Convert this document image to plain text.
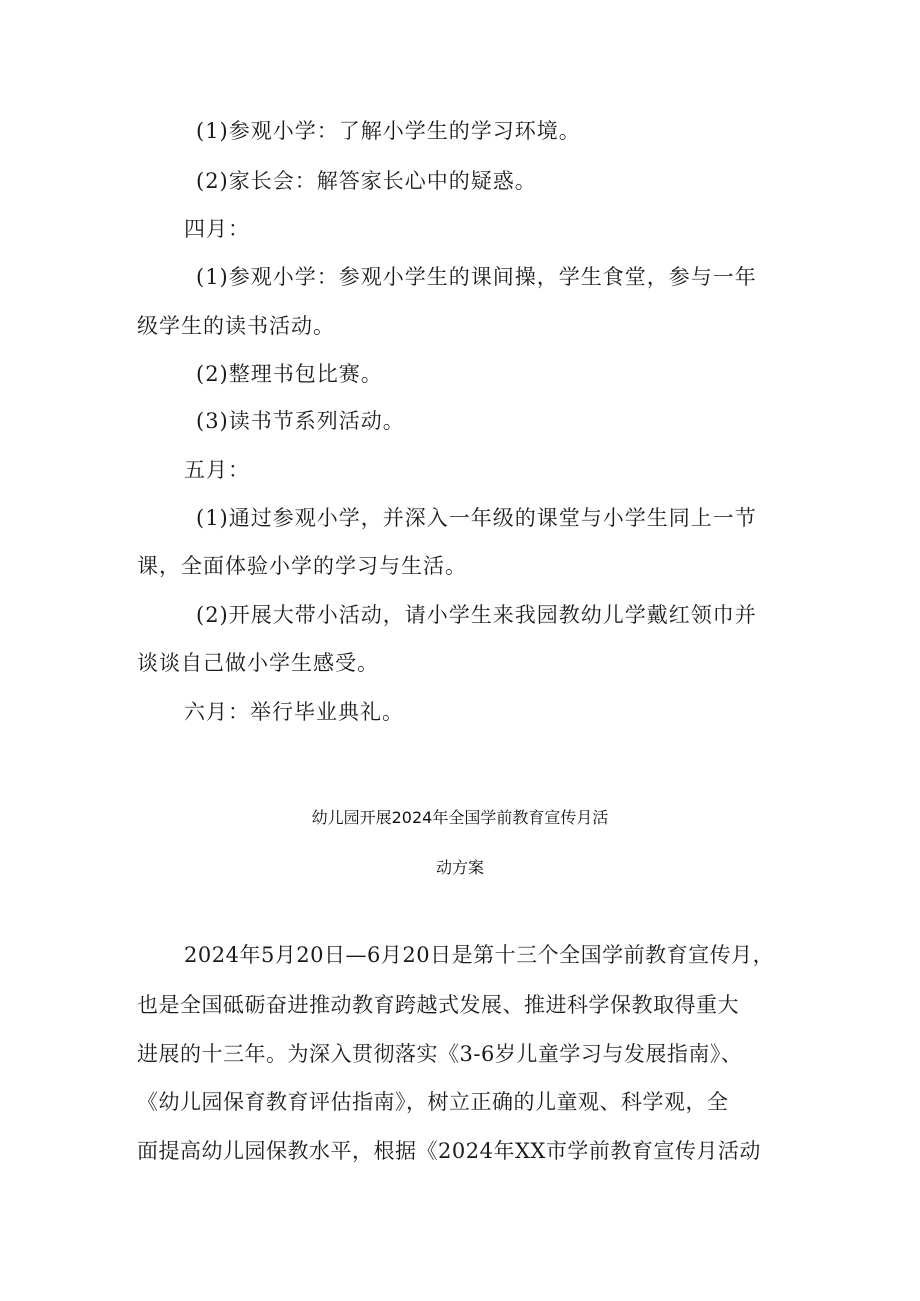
(1)参观小学：了解小学生的学习环境。
(2)家长会：解答家长心中的疑惑。
四月：
(1)参观小学：参观小学生的课间操，学生食堂，参与一年
级学生的读书活动。
(2)整理书包比赛。
(3)读书节系列活动。
五月：
(1)通过参观小学，并深入一年级的课堂与小学生同上一节
课，全面体验小学的学习与生活。
(2)开展大带小活动，请小学生来我园教幼儿学戴红领巾并
谈谈自己做小学生感受。
六月：举行毕业典礼。
幼儿园开展2024年全国学前教育宣传月活
动方案
2024年5月20日—6月20日是第十三个全国学前教育宣传月，
也是全国砥砺奋进推动教育跨越式发展、推进科学保教取得重大
进展的十三年。为深入贯彻落实《3-6岁儿童学习与发展指南》、
《幼儿园保育教育评估指南》，树立正确的儿童观、科学观，全
面提高幼儿园保教水平，根据《2024年XX市学前教育宣传月活动
